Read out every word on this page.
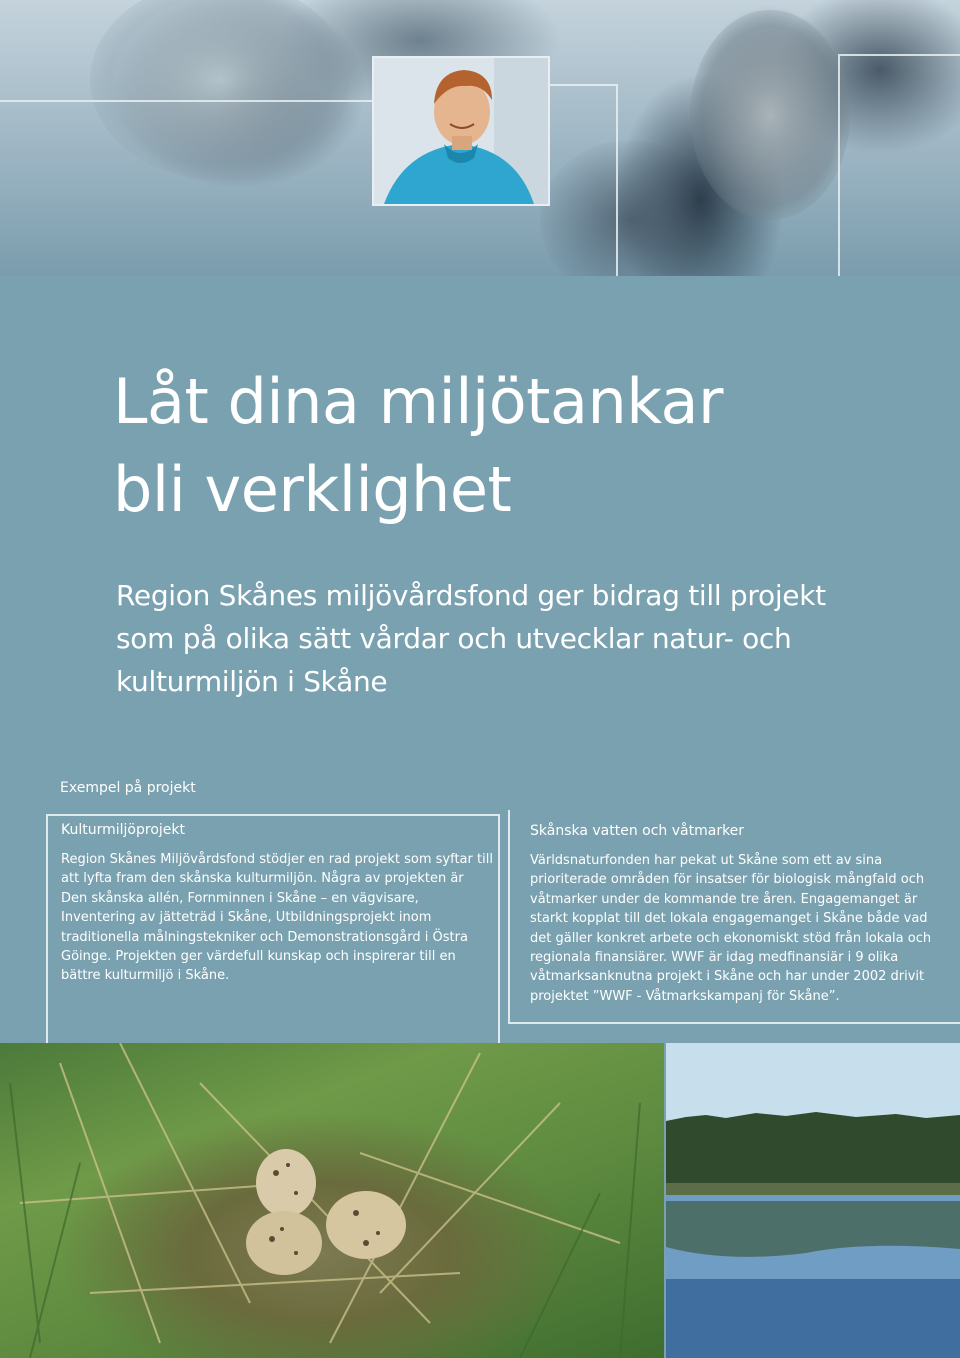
Låt dina miljötankar
bli verklighet

Region Skånes miljövårdsfond ger bidrag till projekt som på olika sätt vårdar och utvecklar natur- och kulturmiljön i Skåne

Exempel på projekt
Kulturmiljöprojekt

Region Skånes Miljövårdsfond stödjer en rad projekt som syftar till att lyfta fram den skånska kulturmiljön. Några av projekten är Den skånska allén, Fornminnen i Skåne – en vägvisare, Inventering av jätteträd i Skåne, Utbildningsprojekt inom traditionella målningstekniker och Demonstrationsgård i Östra Göinge. Projekten ger värdefull kunskap och inspirerar till en bättre kulturmiljö i Skåne.

Skånska vatten och våtmarker

Världsnaturfonden har pekat ut Skåne som ett av sina prioriterade områden för insatser för biologisk mångfald och våtmarker under de kommande tre åren. Engagemanget är starkt kopplat till det lokala engagemanget i Skåne både vad det gäller konkret arbete och ekonomiskt stöd från lokala och regionala finansiärer. WWF är idag medfinansiär i 9 olika våtmarksanknutna projekt i Skåne och har under 2002 drivit projektet ”WWF - Våtmarkskampanj för Skåne”.
